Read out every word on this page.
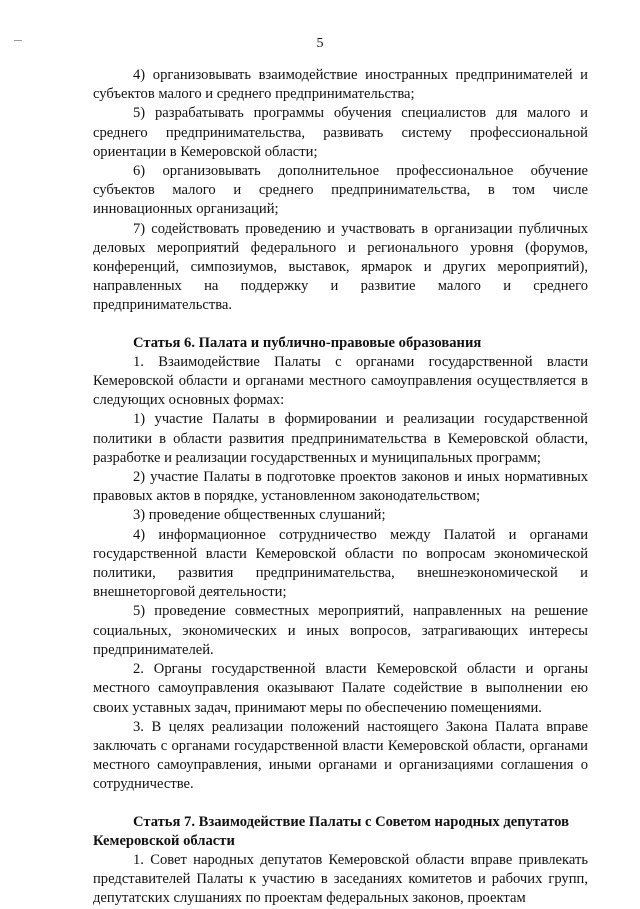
5

4) организовывать взаимодействие иностранных предпринимателей и субъектов малого и среднего предпринимательства;

5) разрабатывать программы обучения специалистов для малого и среднего предпринимательства, развивать систему профессиональной ориентации в Кемеровской области;

6) организовывать дополнительное профессиональное обучение субъектов малого и среднего предпринимательства, в том числе инновационных организаций;

7) содействовать проведению и участвовать в организации публичных деловых мероприятий федерального и регионального уровня (форумов, конференций, симпозиумов, выставок, ярмарок и других мероприятий), направленных на поддержку и развитие малого и среднего предпринимательства.

Статья 6. Палата и публично-правовые образования

1. Взаимодействие Палаты с органами государственной власти Кемеровской области и органами местного самоуправления осуществляется в следующих основных формах:

1) участие Палаты в формировании и реализации государственной политики в области развития предпринимательства в Кемеровской области, разработке и реализации государственных и муниципальных программ;

2) участие Палаты в подготовке проектов законов и иных нормативных правовых актов в порядке, установленном законодательством;

3) проведение общественных слушаний;

4) информационное сотрудничество между Палатой и органами государственной власти Кемеровской области по вопросам экономической политики, развития предпринимательства, внешнеэкономической и внешнеторговой деятельности;

5) проведение совместных мероприятий, направленных на решение социальных, экономических и иных вопросов, затрагивающих интересы предпринимателей.

2. Органы государственной власти Кемеровской области и органы местного самоуправления оказывают Палате содействие в выполнении ею своих уставных задач, принимают меры по обеспечению помещениями.

3. В целях реализации положений настоящего Закона Палата вправе заключать с органами государственной власти Кемеровской области, органами местного самоуправления, иными органами и организациями соглашения о сотрудничестве.

Статья 7. Взаимодействие Палаты с Советом народных депутатов Кемеровской области

1. Совет народных депутатов Кемеровской области вправе привлекать представителей Палаты к участию в заседаниях комитетов и рабочих групп, депутатских слушаниях по проектам федеральных законов, проектам
